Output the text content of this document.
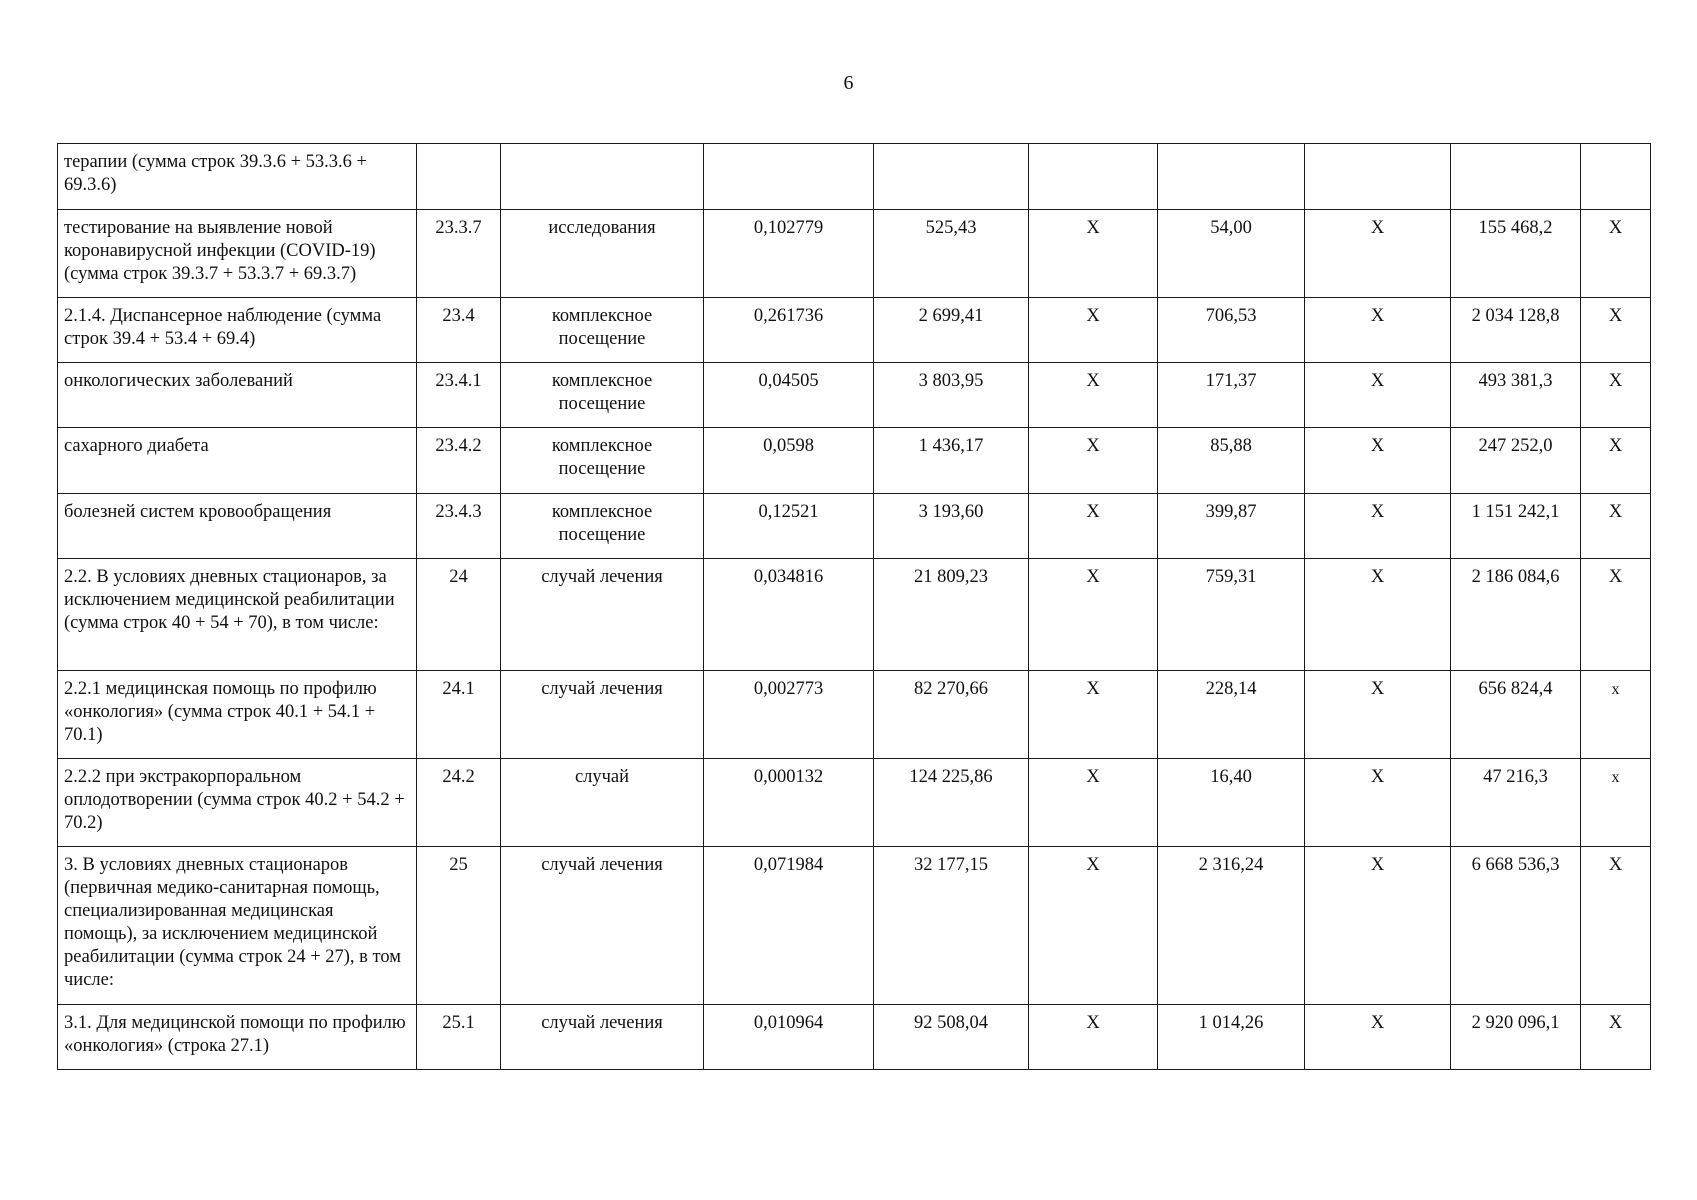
6
терапии (сумма строк 39.3.6 + 53.3.6 + 69.3.6)									
тестирование на выявление новой коронавирусной инфекции (COVID-19) (сумма строк 39.3.7 + 53.3.7 + 69.3.7)	23.3.7	исследования	0,102779	525,43	Х	54,00	Х	155 468,2	Х
2.1.4. Диспансерное наблюдение (сумма строк 39.4 + 53.4 + 69.4)	23.4	комплексное посещение	0,261736	2 699,41	Х	706,53	Х	2 034 128,8	Х
онкологических заболеваний	23.4.1	комплексное посещение	0,04505	3 803,95	Х	171,37	Х	493 381,3	Х
сахарного диабета	23.4.2	комплексное посещение	0,0598	1 436,17	Х	85,88	Х	247 252,0	Х
болезней систем кровообращения	23.4.3	комплексное посещение	0,12521	3 193,60	Х	399,87	Х	1 151 242,1	Х
2.2. В условиях дневных стационаров, за исключением медицинской реабилитации (сумма строк 40 + 54 + 70), в том числе:	24	случай лечения	0,034816	21 809,23	Х	759,31	Х	2 186 084,6	Х
2.2.1 медицинская помощь по профилю «онкология» (сумма строк 40.1 + 54.1 + 70.1)	24.1	случай лечения	0,002773	82 270,66	Х	228,14	Х	656 824,4	х
2.2.2 при экстракорпоральном оплодотворении (сумма строк 40.2 + 54.2 + 70.2)	24.2	случай	0,000132	124 225,86	Х	16,40	Х	47 216,3	х
3. В условиях дневных стационаров (первичная медико-санитарная помощь, специализированная медицинская помощь), за исключением медицинской реабилитации (сумма строк 24 + 27), в том числе:	25	случай лечения	0,071984	32 177,15	Х	2 316,24	Х	6 668 536,3	Х
3.1. Для медицинской помощи по профилю «онкология» (строка 27.1)	25.1	случай лечения	0,010964	92 508,04	Х	1 014,26	Х	2 920 096,1	Х
